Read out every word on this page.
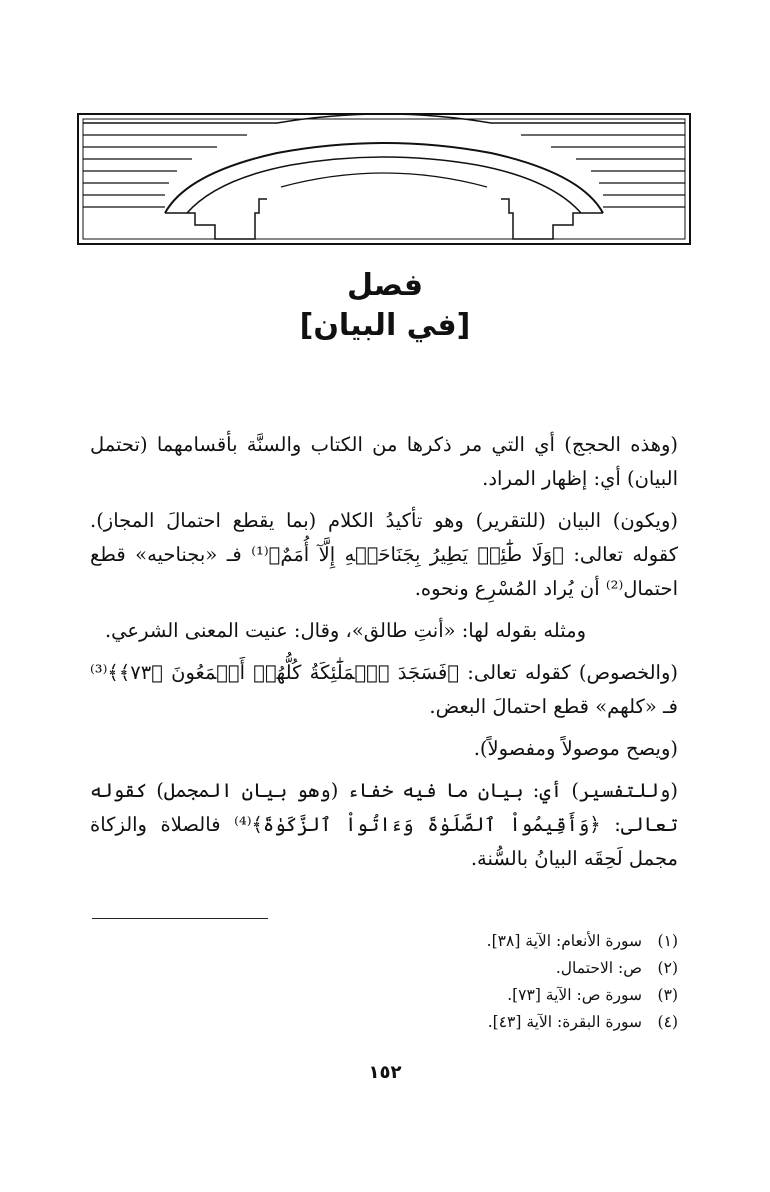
فصل
[في البيان]

(وهذه الحجج) أي التي مر ذكرها من الكتاب والسنَّة بأقسامهما (تحتمل البيان) أي: إظهار المراد.

(ويكون) البيان (للتقرير) وهو تأكيدُ الكلام (بما يقطع احتمالَ المجاز). كقوله تعالى: ﴿وَلَا طَٰٓئِرٖ يَطِيرُ بِجَنَاحَيۡهِ إِلَّآ أُمَمٌ﴾⁽¹⁾ فـ «بجناحيه» قطع احتمال⁽²⁾ أن يُراد المُسْرِع ونحوه.

ومثله بقوله لها: «أنتِ طالق»، وقال: عنيت المعنى الشرعي.

(والخصوص) كقوله تعالى: ﴿فَسَجَدَ ٱلۡمَلَٰٓئِكَةُ كُلُّهُمۡ أَجۡمَعُونَ ﴿٧٣﴾﴾⁽³⁾ فـ «كلهم» قطع احتمالَ البعض.

(ويصح موصولاً ومفصولاً).

(وللتفسير) أي: بيان ما فيه خفاء (وهو بيان المجمل) كقوله تعالى: ﴿وَأَقِيمُواْ ٱلصَّلَوٰةَ وَءَاتُواْ ٱلزَّكَوٰةَ﴾⁽⁴⁾ فالصلاة والزكاة مجمل لَحِقَه البيانُ بالسُّنة.

(١)
سورة الأنعام: الآية [٣٨].
(٢)
ص: الاحتمال.
(٣)
سورة ص: الآية [٧٣].
(٤)
سورة البقرة: الآية [٤٣].
١٥٢
